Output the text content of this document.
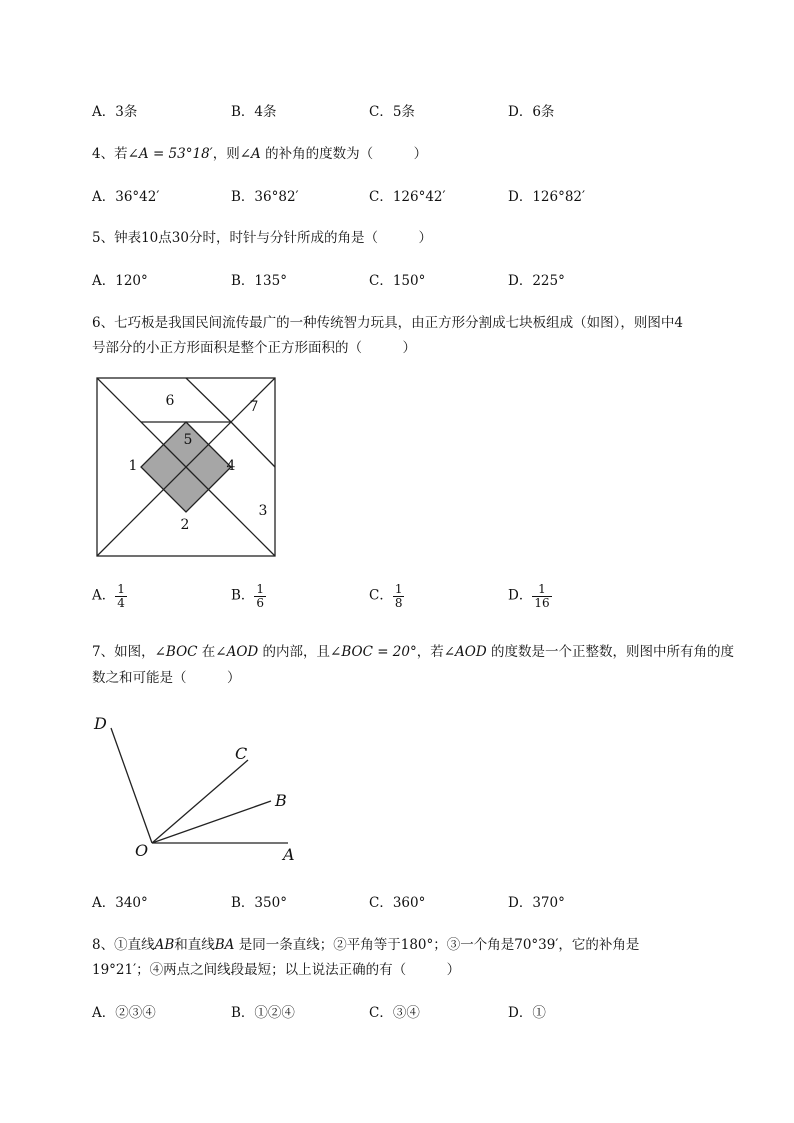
A．3条	B．4条	C．5条	D．6条
4、若∠A = 53°18′，则∠A 的补角的度数为（　　　）
A．36°42′	B．36°82′	C．126°42′	D．126°82′
5、钟表10点30分时，时针与分针所成的角是（　　　）
A．120°	B．135°	C．150°	D．225°
6、七巧板是我国民间流传最广的一种传统智力玩具，由正方形分割成七块板组成（如图），则图中4
号部分的小正方形面积是整个正方形面积的（　　　）
1
2
3
4
5
6	7
A． $\frac{1}{4}$	B． $\frac{1}{6}$	C． $\frac{1}{8}$	D． $\frac{1}{16}$
7、如图，∠BOC 在∠AOD 的内部，且∠BOC = 20°，若∠AOD 的度数是一个正整数，则图中所有角的度
数之和可能是（　　　）
D
C
B
O	A
A．340°	B．350°	C．360°	D．370°
8、①直线AB和直线BA 是同一条直线；②平角等于180°；③一个角是70°39′，它的补角是
19°21′；④两点之间线段最短；以上说法正确的有（　　　）
A．②③④	B．①②④	C．③④	D．①
